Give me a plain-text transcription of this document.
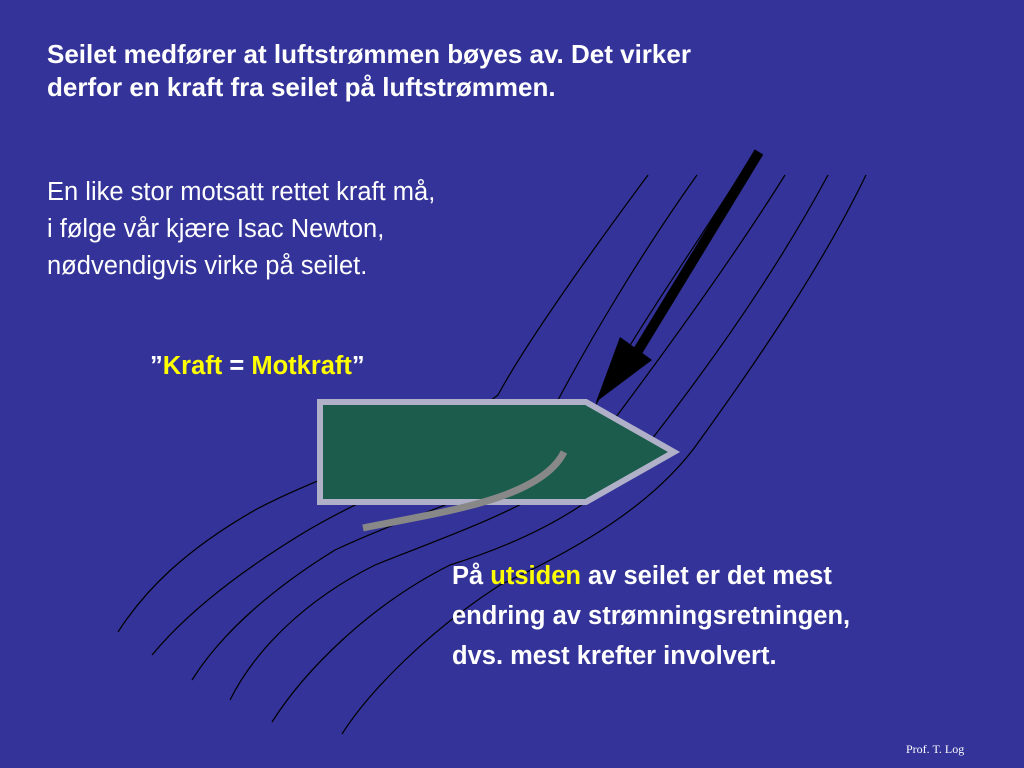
Seilet medfører at luftstrømmen bøyes av. Det virker
derfor en kraft fra seilet på luftstrømmen.
En like stor motsatt rettet kraft må,
i følge vår kjære Isac Newton,
nødvendigvis virke på seilet.
”Kraft = Motkraft”
På utsiden av seilet er det mest
endring av strømningsretningen,
dvs. mest krefter involvert.
Prof. T. Log
